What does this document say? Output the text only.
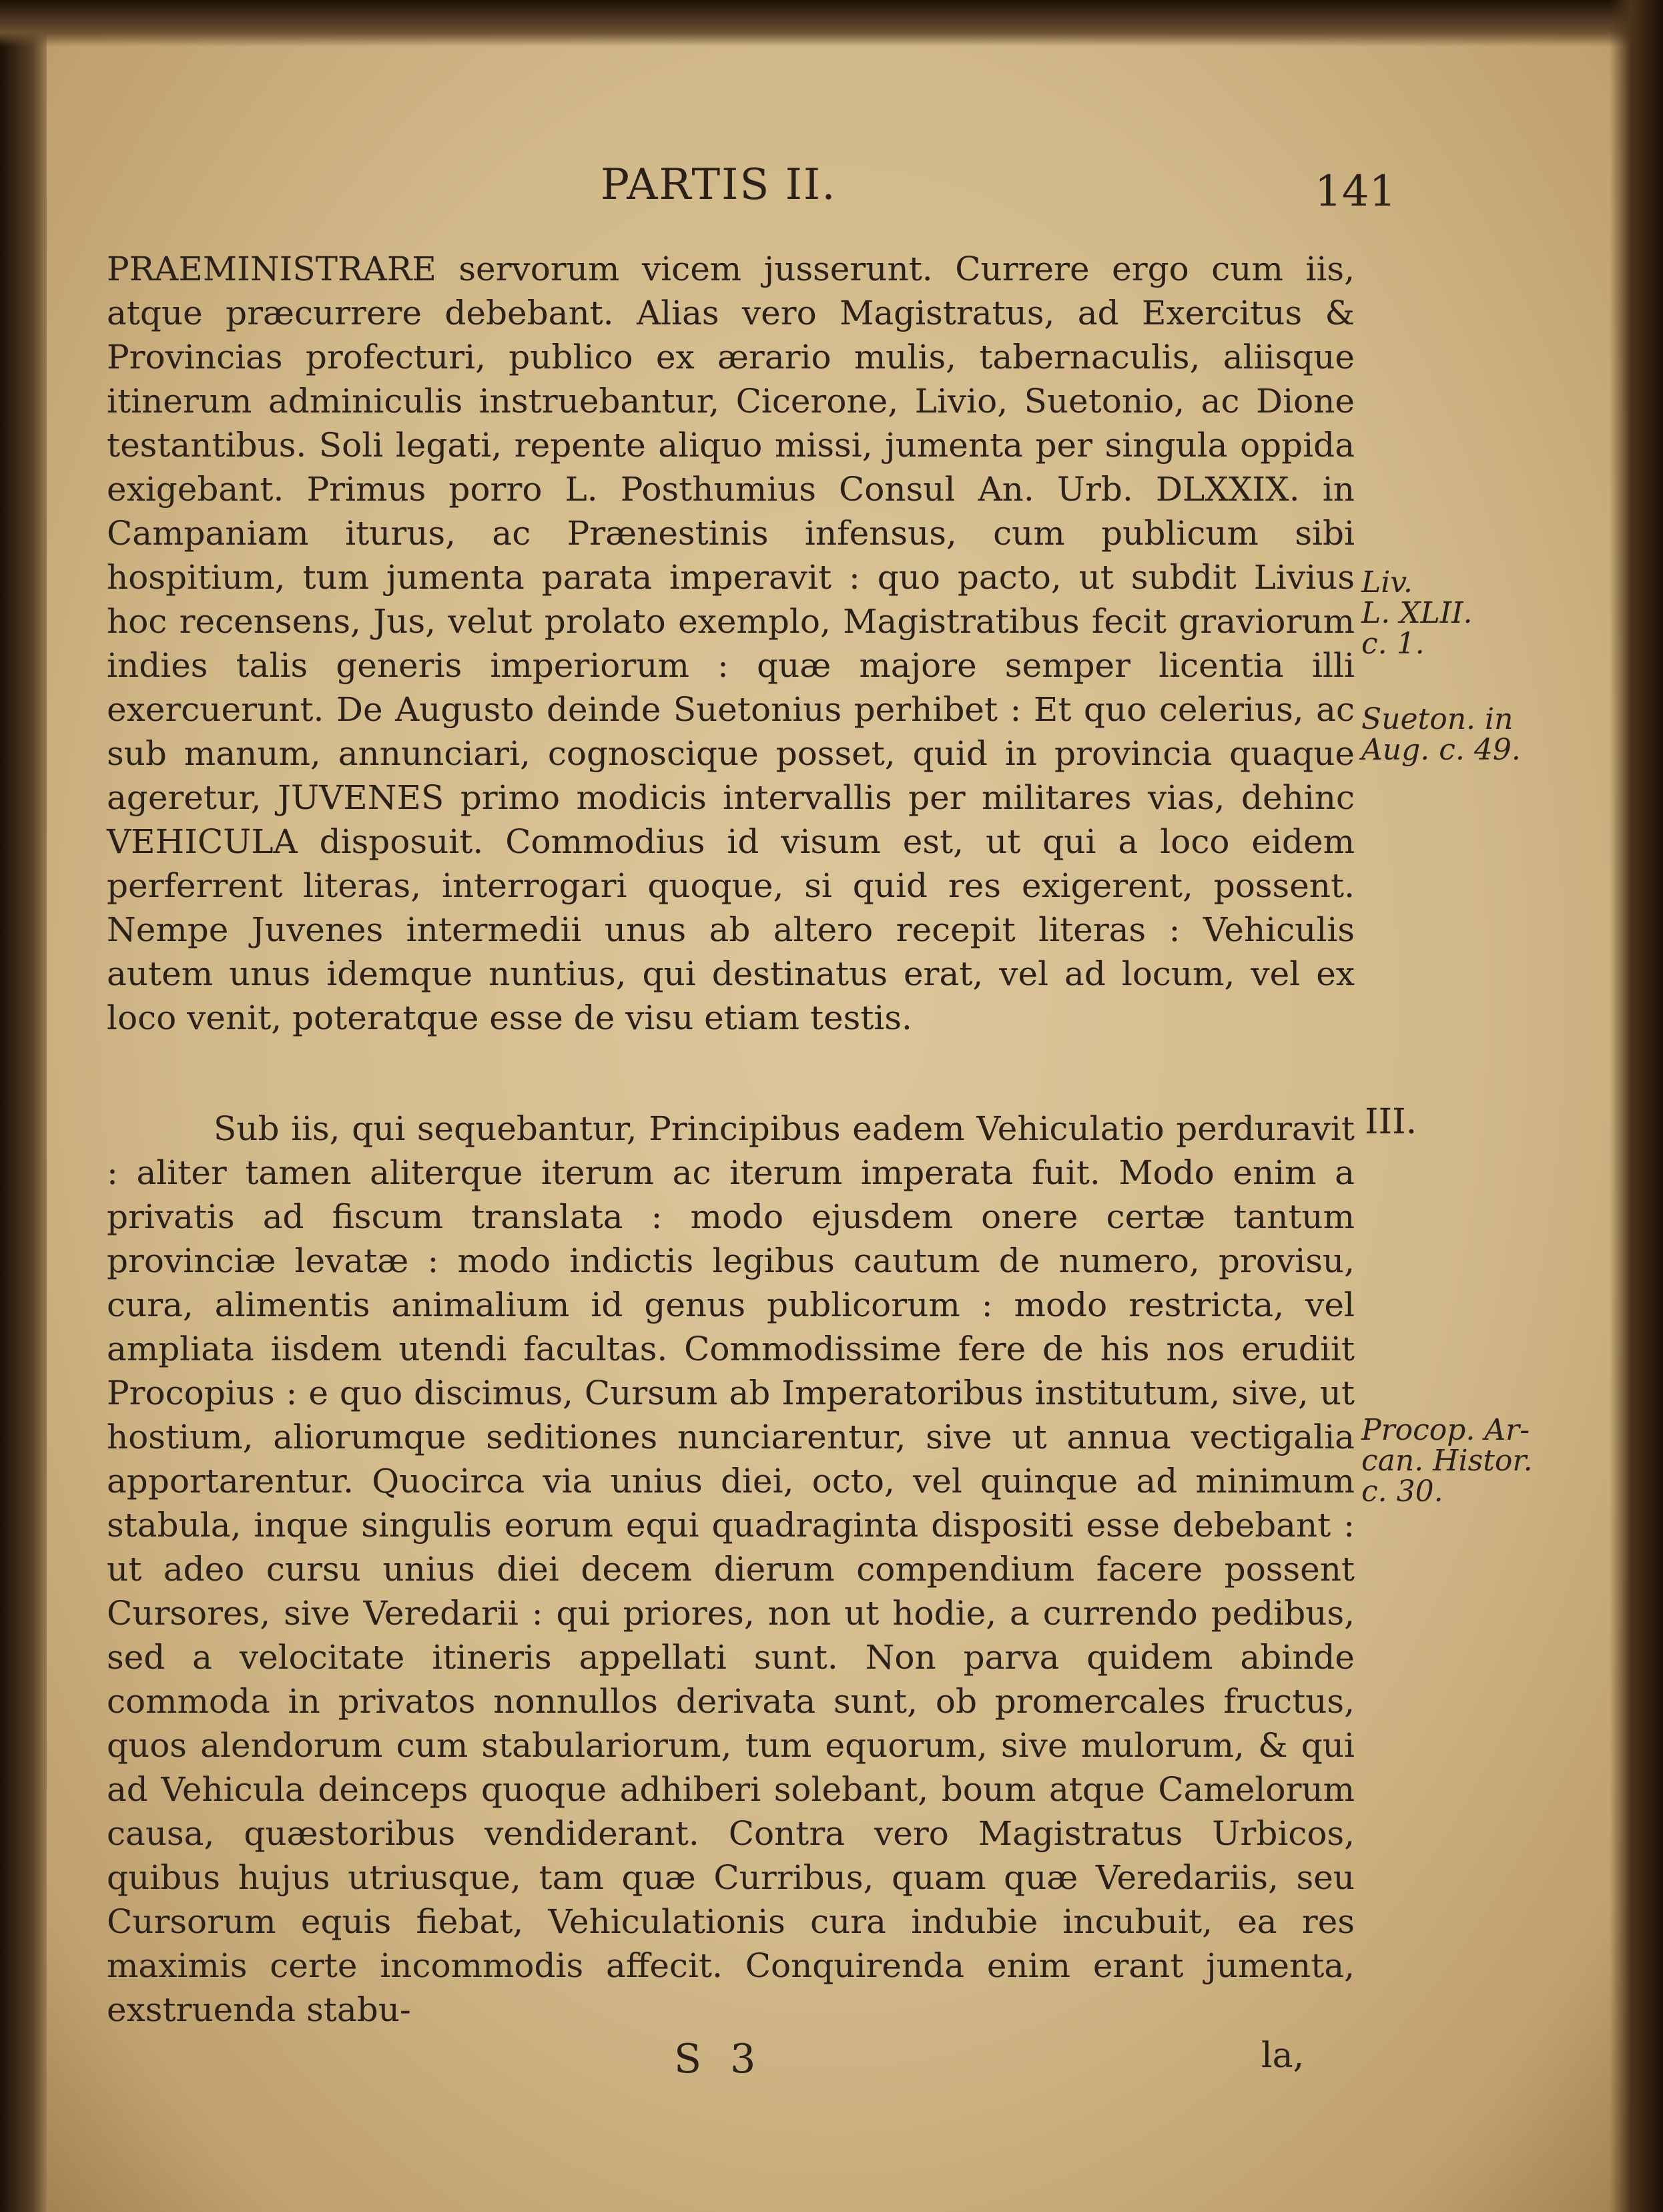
PARTIS II.	141

PRAEMINISTRARE servorum vicem jusserunt. Currere ergo cum iis, atque præcurrere debebant. Alias vero Magistratus, ad Exercitus & Provincias profecturi, publico ex ærario mulis, tabernaculis, aliisque itinerum adminiculis instruebantur, Cicerone, Livio, Suetonio, ac Dione testantibus. Soli legati, repente aliquo missi, jumenta per singula oppida exigebant. Primus porro L. Posthumius Consul An. Urb. DLXXIX. in Campaniam iturus, ac Prænestinis infensus, cum publicum sibi hospitium, tum jumenta parata imperavit : quo pacto, ut subdit Livius hoc recensens, Jus, velut prolato exemplo, Magistratibus fecit graviorum indies talis generis imperiorum : quæ majore semper licentia illi exercuerunt. De Augusto deinde Suetonius perhibet : Et quo celerius, ac sub manum, annunciari, cognoscique posset, quid in provincia quaque ageretur, JUVENES primo modicis intervallis per militares vias, dehinc VEHICULA disposuit. Commodius id visum est, ut qui a loco eidem perferrent literas, interrogari quoque, si quid res exigerent, possent. Nempe Juvenes intermedii unus ab altero recepit literas : Vehiculis autem unus idemque nuntius, qui destinatus erat, vel ad locum, vel ex loco venit, poteratque esse de visu etiam testis.

Sub iis, qui sequebantur, Principibus eadem Vehiculatio perduravit : aliter tamen aliterque iterum ac iterum imperata fuit. Modo enim a privatis ad fiscum translata : modo ejusdem onere certæ tantum provinciæ levatæ : modo indictis legibus cautum de numero, provisu, cura, alimentis animalium id genus publicorum : modo restricta, vel ampliata iisdem utendi facultas. Commodissime fere de his nos erudiit Procopius : e quo discimus, Cursum ab Imperatoribus institutum, sive, ut hostium, aliorumque seditiones nunciarentur, sive ut annua vectigalia apportarentur. Quocirca via unius diei, octo, vel quinque ad minimum stabula, inque singulis eorum equi quadraginta dispositi esse debebant : ut adeo cursu unius diei decem dierum compendium facere possent Cursores, sive Veredarii : qui priores, non ut hodie, a currendo pedibus, sed a velocitate itineris appellati sunt. Non parva quidem abinde commoda in privatos nonnullos derivata sunt, ob promercales fructus, quos alendorum cum stabulariorum, tum equorum, sive mulorum, & qui ad Vehicula deinceps quoque adhiberi solebant, boum atque Camelorum causa, quæstoribus vendiderant. Contra vero Magistratus Urbicos, quibus hujus utriusque, tam quæ Curribus, quam quæ Veredariis, seu Cursorum equis fiebat, Vehiculationis cura indubie incubuit, ea res maximis certe incommodis affecit. Conquirenda enim erant jumenta, exstruenda stabu-

Liv.
L. XLII.
c. 1.
Sueton. in
Aug. c. 49.
III.
Procop. Ar-
can. Histor.
c. 30.
S 3	la,
